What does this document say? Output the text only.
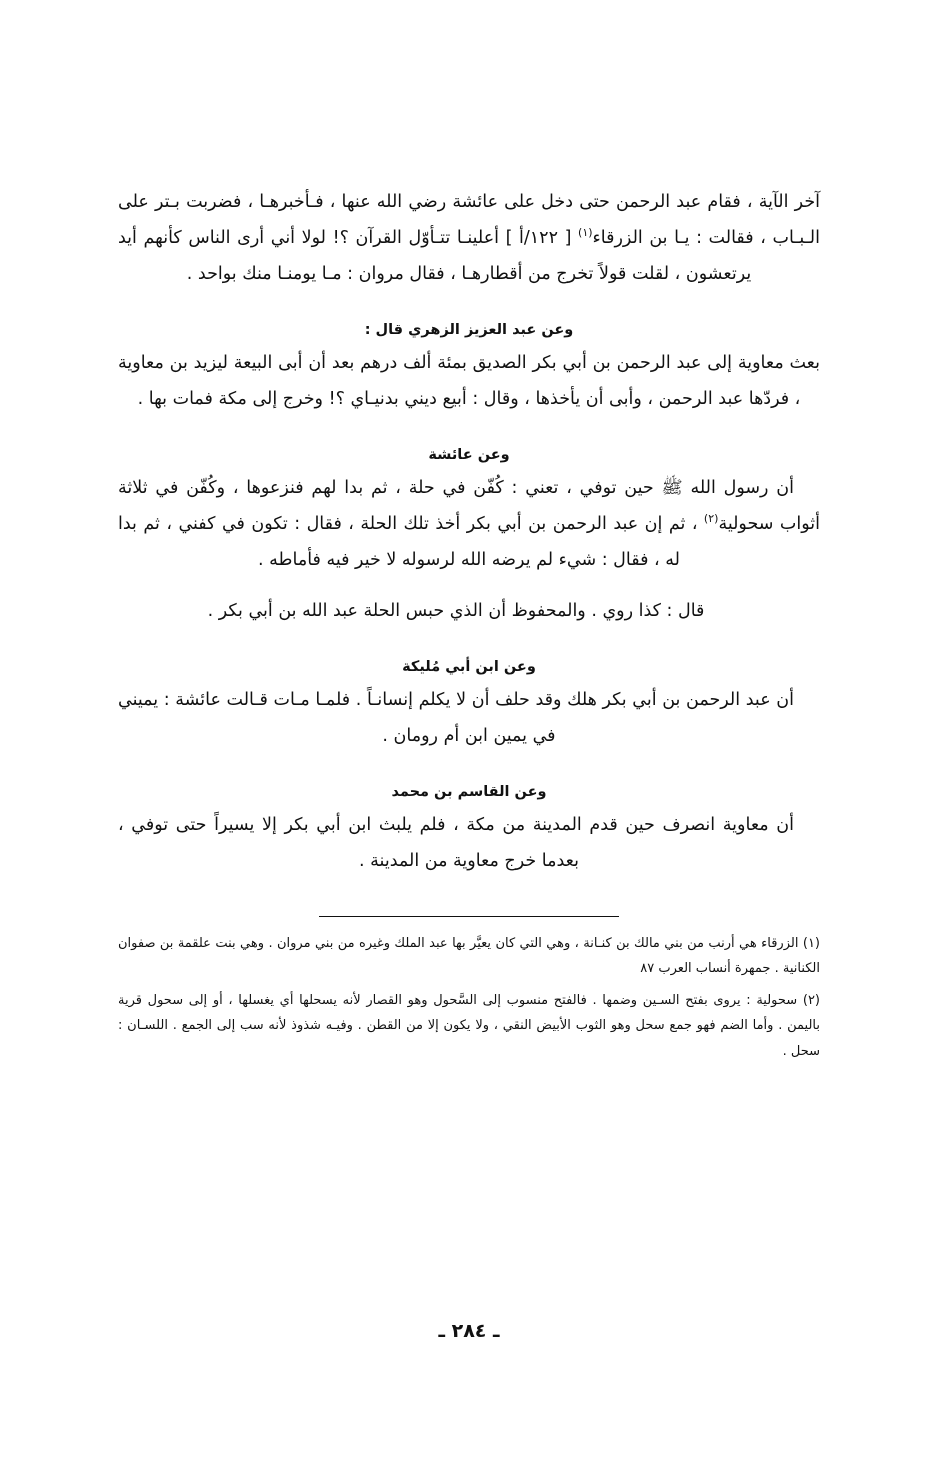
آخر الآية ، فقام عبد الرحمن حتى دخل على عائشة رضي الله عنها ، فـأخبرهـا ، فضربت بـتر على الـبـاب ، فقالت : يـا بن الزرقاء$^{(١)}$ [ ١٢٢/أ ] أعلينـا تتـأوّل القرآن ؟! لولا أني أرى الناس كأنهم أيد يرتعشون ، لقلت قولاً تخرج من أقطارهـا ، فقال مروان : مـا يومنـا منك بواحد .

وعن عبد العزيز الزهري قال :

بعث معاوية إلى عبد الرحمن بن أبي بكر الصديق بمئة ألف درهم بعد أن أبى البيعة ليزيد بن معاوية ، فردّها عبد الرحمن ، وأبى أن يأخذها ، وقال : أبيع ديني بدنيـاي ؟! وخرج إلى مكة فمات بها .

وعن عائشة

أن رسول الله ﷺ حين توفي ، تعني : كُفّن في حلة ، ثم بدا لهم فنزعوها ، وكُفّن في ثلاثة أثواب سحولية$^{(٢)}$ ، ثم إن عبد الرحمن بن أبي بكر أخذ تلك الحلة ، فقال : تكون في كفني ، ثم بدا له ، فقال : شيء لم يرضه الله لرسوله لا خير فيه فأماطه .

قال : كذا روي . والمحفوظ أن الذي حبس الحلة عبد الله بن أبي بكر .

وعن ابن أبي مُليكة

أن عبد الرحمن بن أبي بكر هلك وقد حلف أن لا يكلم إنسانـاً . فلمـا مـات قـالت عائشة : يميني في يمين ابن أم رومان .

وعن القاسم بن محمد

أن معاوية انصرف حين قدم المدينة من مكة ، فلم يلبث ابن أبي بكر إلا يسيراً حتى توفي ، بعدما خرج معاوية من المدينة .

(١) الزرقاء هي أرنب من بني مالك بن كنـانة ، وهي التي كان يعيَّر بها عبد الملك وغيره من بني مروان . وهي بنت علقمة بن صفوان الكنانية . جمهرة أنساب العرب ٨٧

(٢) سحولية : يروى بفتح السـين وضمها . فالفتح منسوب إلى السَّحول وهو القصار لأنه يسحلها أي يغسلها ، أو إلى سحول قرية باليمن . وأما الضم فهو جمع سحل وهو الثوب الأبيض النقي ، ولا يكون إلا من القطن . وفيـه شذوذ لأنه سب إلى الجمع . اللسـان : سحل .

ـ ٢٨٤ ـ
